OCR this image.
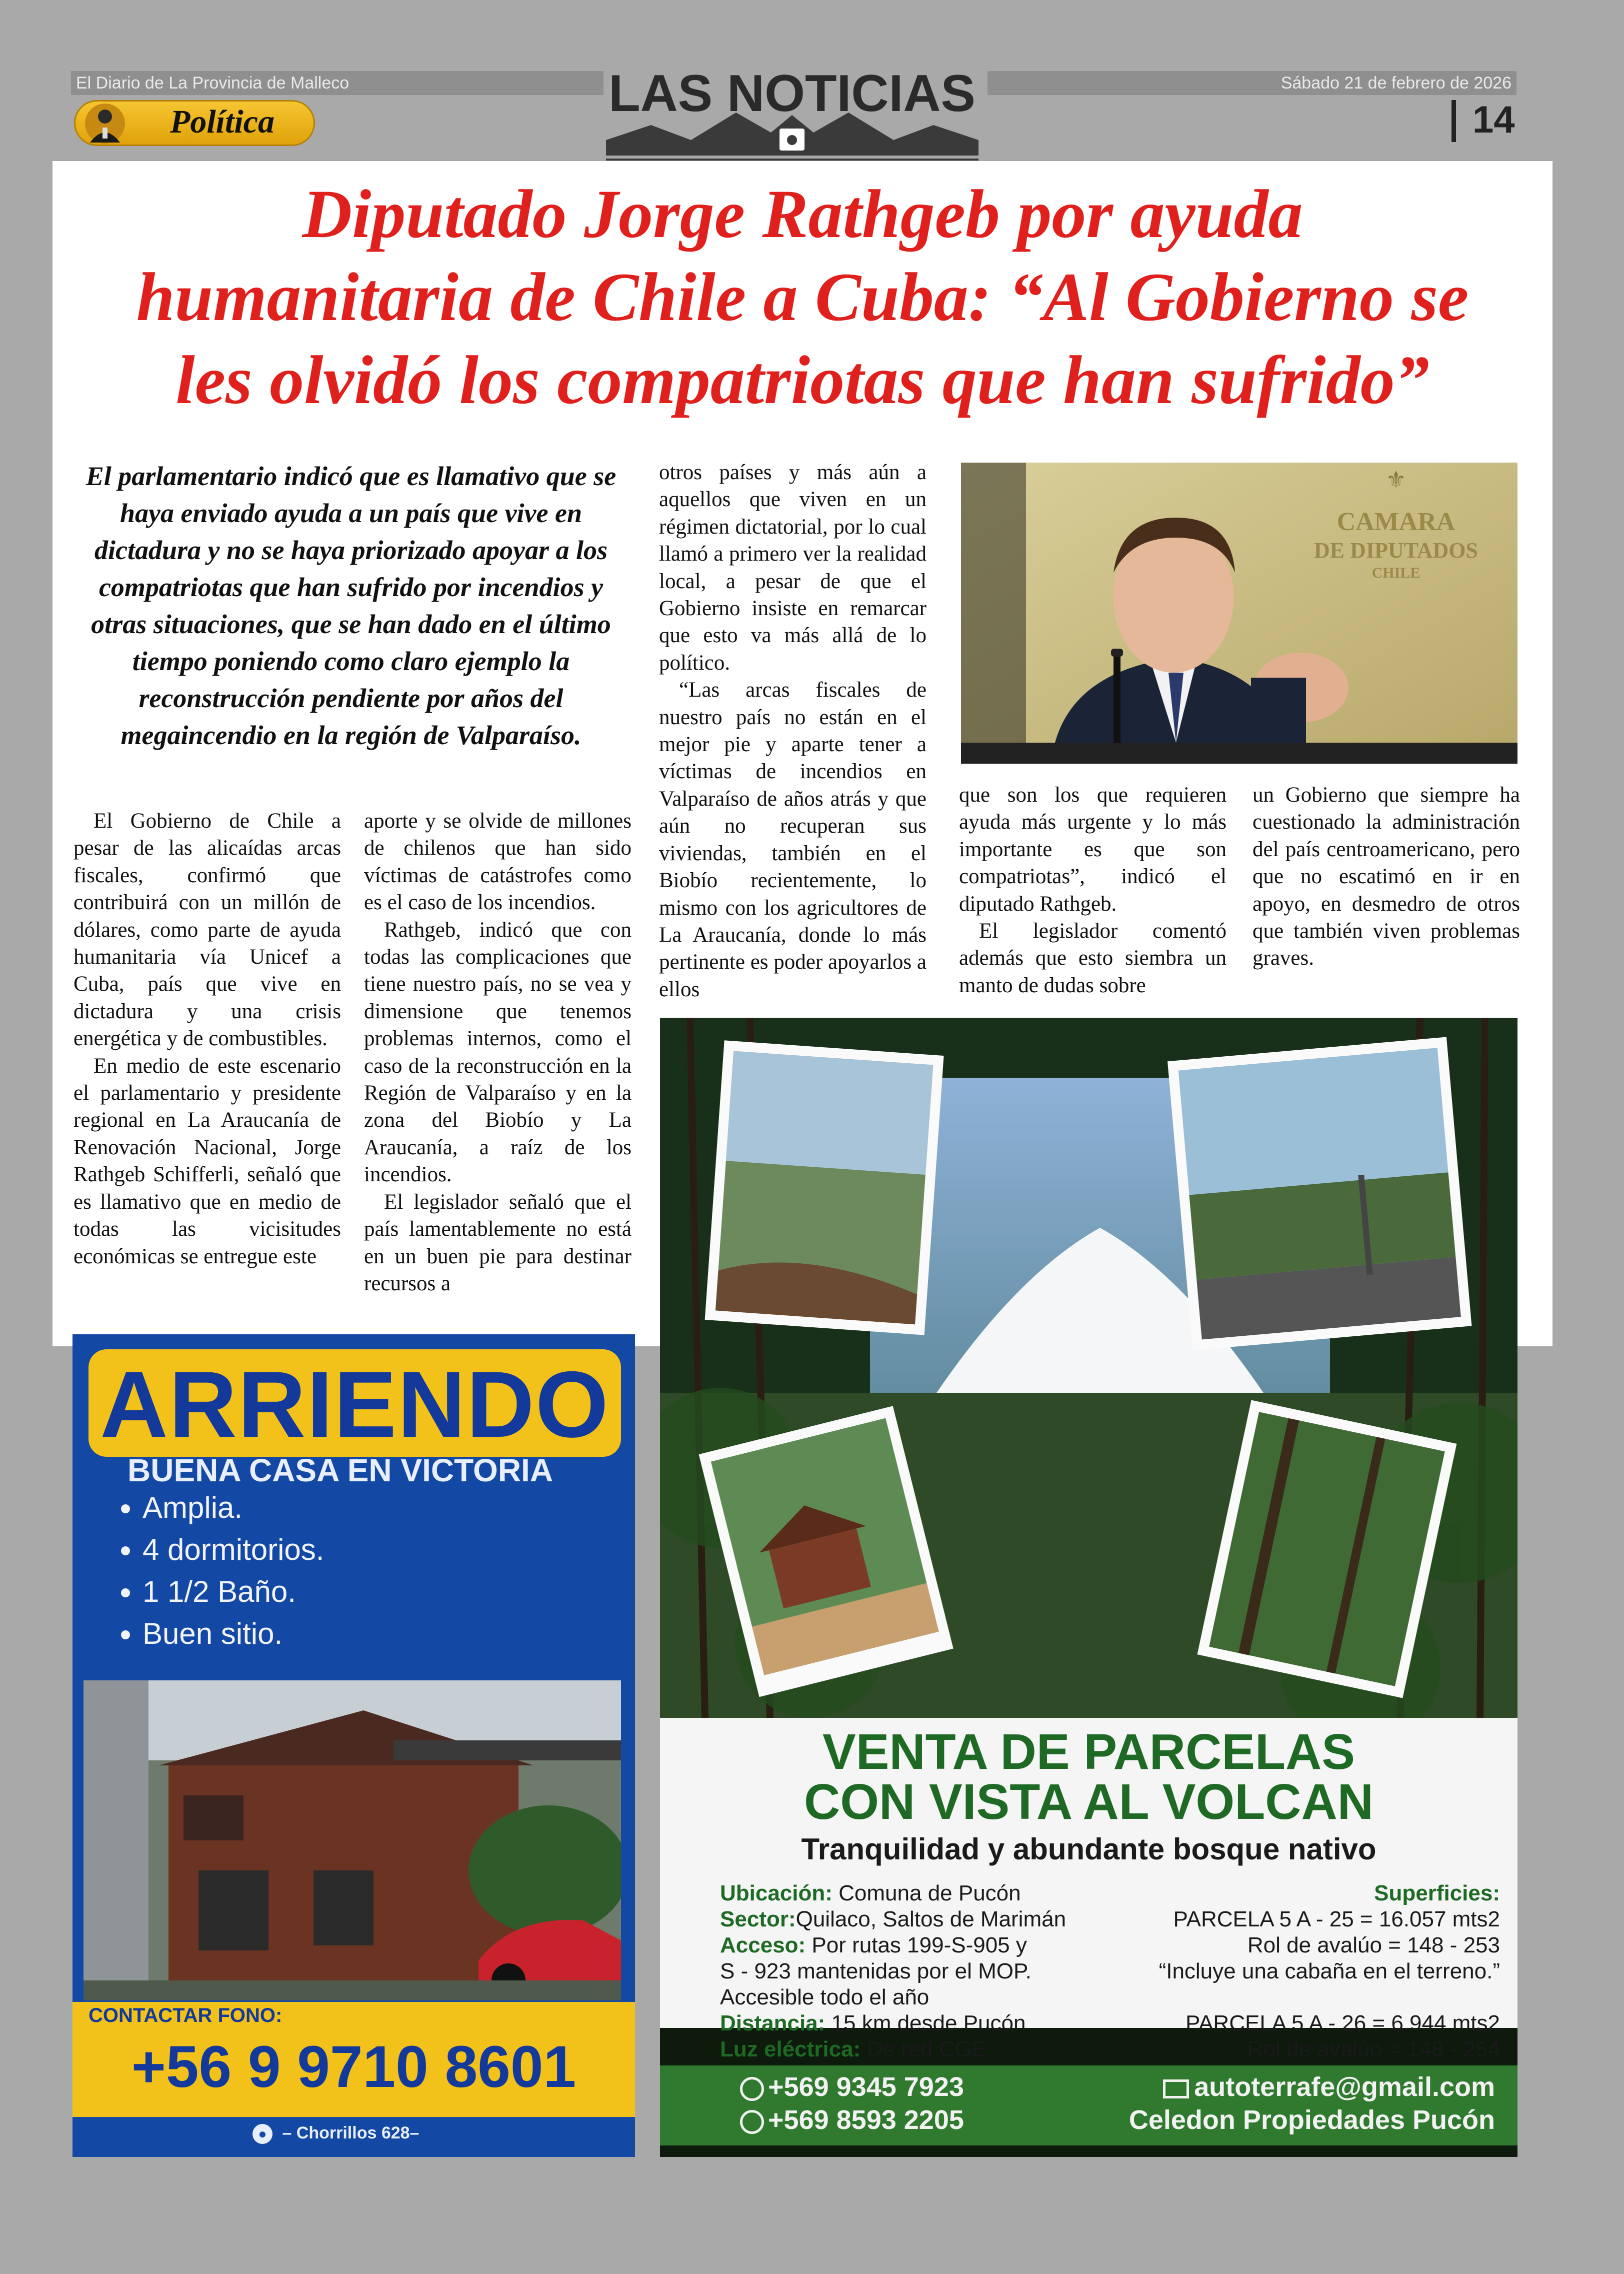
El Diario de La Provincia de Malleco	Sábado 21 de febrero de 2026
Política	LAS NOTICIAS	14
Diputado Jorge Rathgeb por ayuda
humanitaria de Chile a Cuba: “Al Gobierno se
les olvidó los compatriotas que han sufrido”
El parlamentario indicó que es llamativo que se haya enviado ayuda a un país que vive en dictadura y no se haya priorizado apoyar a los compatriotas que han sufrido por incendios y otras situaciones, que se han dado en el último tiempo poniendo como claro ejemplo la reconstrucción pendiente por años del megaincendio en la región de Valparaíso.

El Gobierno de Chile a pesar de las alicaídas arcas fiscales, confirmó que contribuirá con un millón de dólares, como parte de ayuda humanitaria vía Unicef a Cuba, país que vive en dictadura y una crisis energética y de combustibles.

En medio de este escenario el parlamentario y presidente regional en La Araucanía de Renovación Nacional, Jorge Rathgeb Schifferli, señaló que es llamativo que en medio de todas las vicisitudes económicas se entregue este

aporte y se olvide de millones de chilenos que han sido víctimas de catástrofes como es el caso de los incendios.

Rathgeb, indicó que con todas las complicaciones que tiene nuestro país, no se vea y dimensione que tenemos problemas internos, como el caso de la reconstrucción en la Región de Valparaíso y en la zona del Biobío y La Araucanía, a raíz de los incendios.

El legislador señaló que el país lamentablemente no está en un buen pie para destinar recursos a

otros países y más aún a aquellos que viven en un régimen dictatorial, por lo cual llamó a primero ver la realidad local, a pesar de que el Gobierno insiste en remarcar que esto va más allá de lo político.

“Las arcas fiscales de nuestro país no están en el mejor pie y aparte tener a víctimas de incendios en Valparaíso de años atrás y que aún no recuperan sus viviendas, también en el Biobío recientemente, lo mismo con los agricultores de La Araucanía, donde lo más pertinente es poder apoyarlos a ellos

que son los que requieren ayuda más urgente y lo más importante es que son compatriotas”, indicó el diputado Rathgeb.

El legislador comentó además que esto siembra un manto de dudas sobre

un Gobierno que siempre ha cuestionado la administración del país centroamericano, pero que no escatimó en ir en apoyo, en desmedro de otros que también viven problemas graves.

⚜
CAMARA
DE DIPUTADOS
CHILE
ARRIENDO
BUENA CASA EN VICTORIA
• Amplia.
• 4 dormitorios.
• 1 1/2 Baño.
• Buen sitio.
CONTACTAR FONO:
+56 9 9710 8601
● – Chorrillos 628–
VENTA DE PARCELAS
CON VISTA AL VOLCAN
Tranquilidad y abundante bosque nativo
Ubicación: Comuna de Pucón
Sector:Quilaco, Saltos de Marimán
Acceso: Por rutas 199-S-905 y
S - 923 mantenidas por el MOP.
Accesible todo el año
Distancia: 15 km desde Pucón
Luz eléctrica: De red CGE
Superficies:
PARCELA 5 A - 25 = 16.057 mts2
Rol de avalúo = 148 - 253
“Incluye una cabaña en el terreno.”
PARCELA 5 A - 26 = 6.944 mts2
Rol de avalúo = 148 - 254
+569 9345 7923
+569 8593 2205
autoterrafe@gmail.com
Celedon Propiedades Pucón
